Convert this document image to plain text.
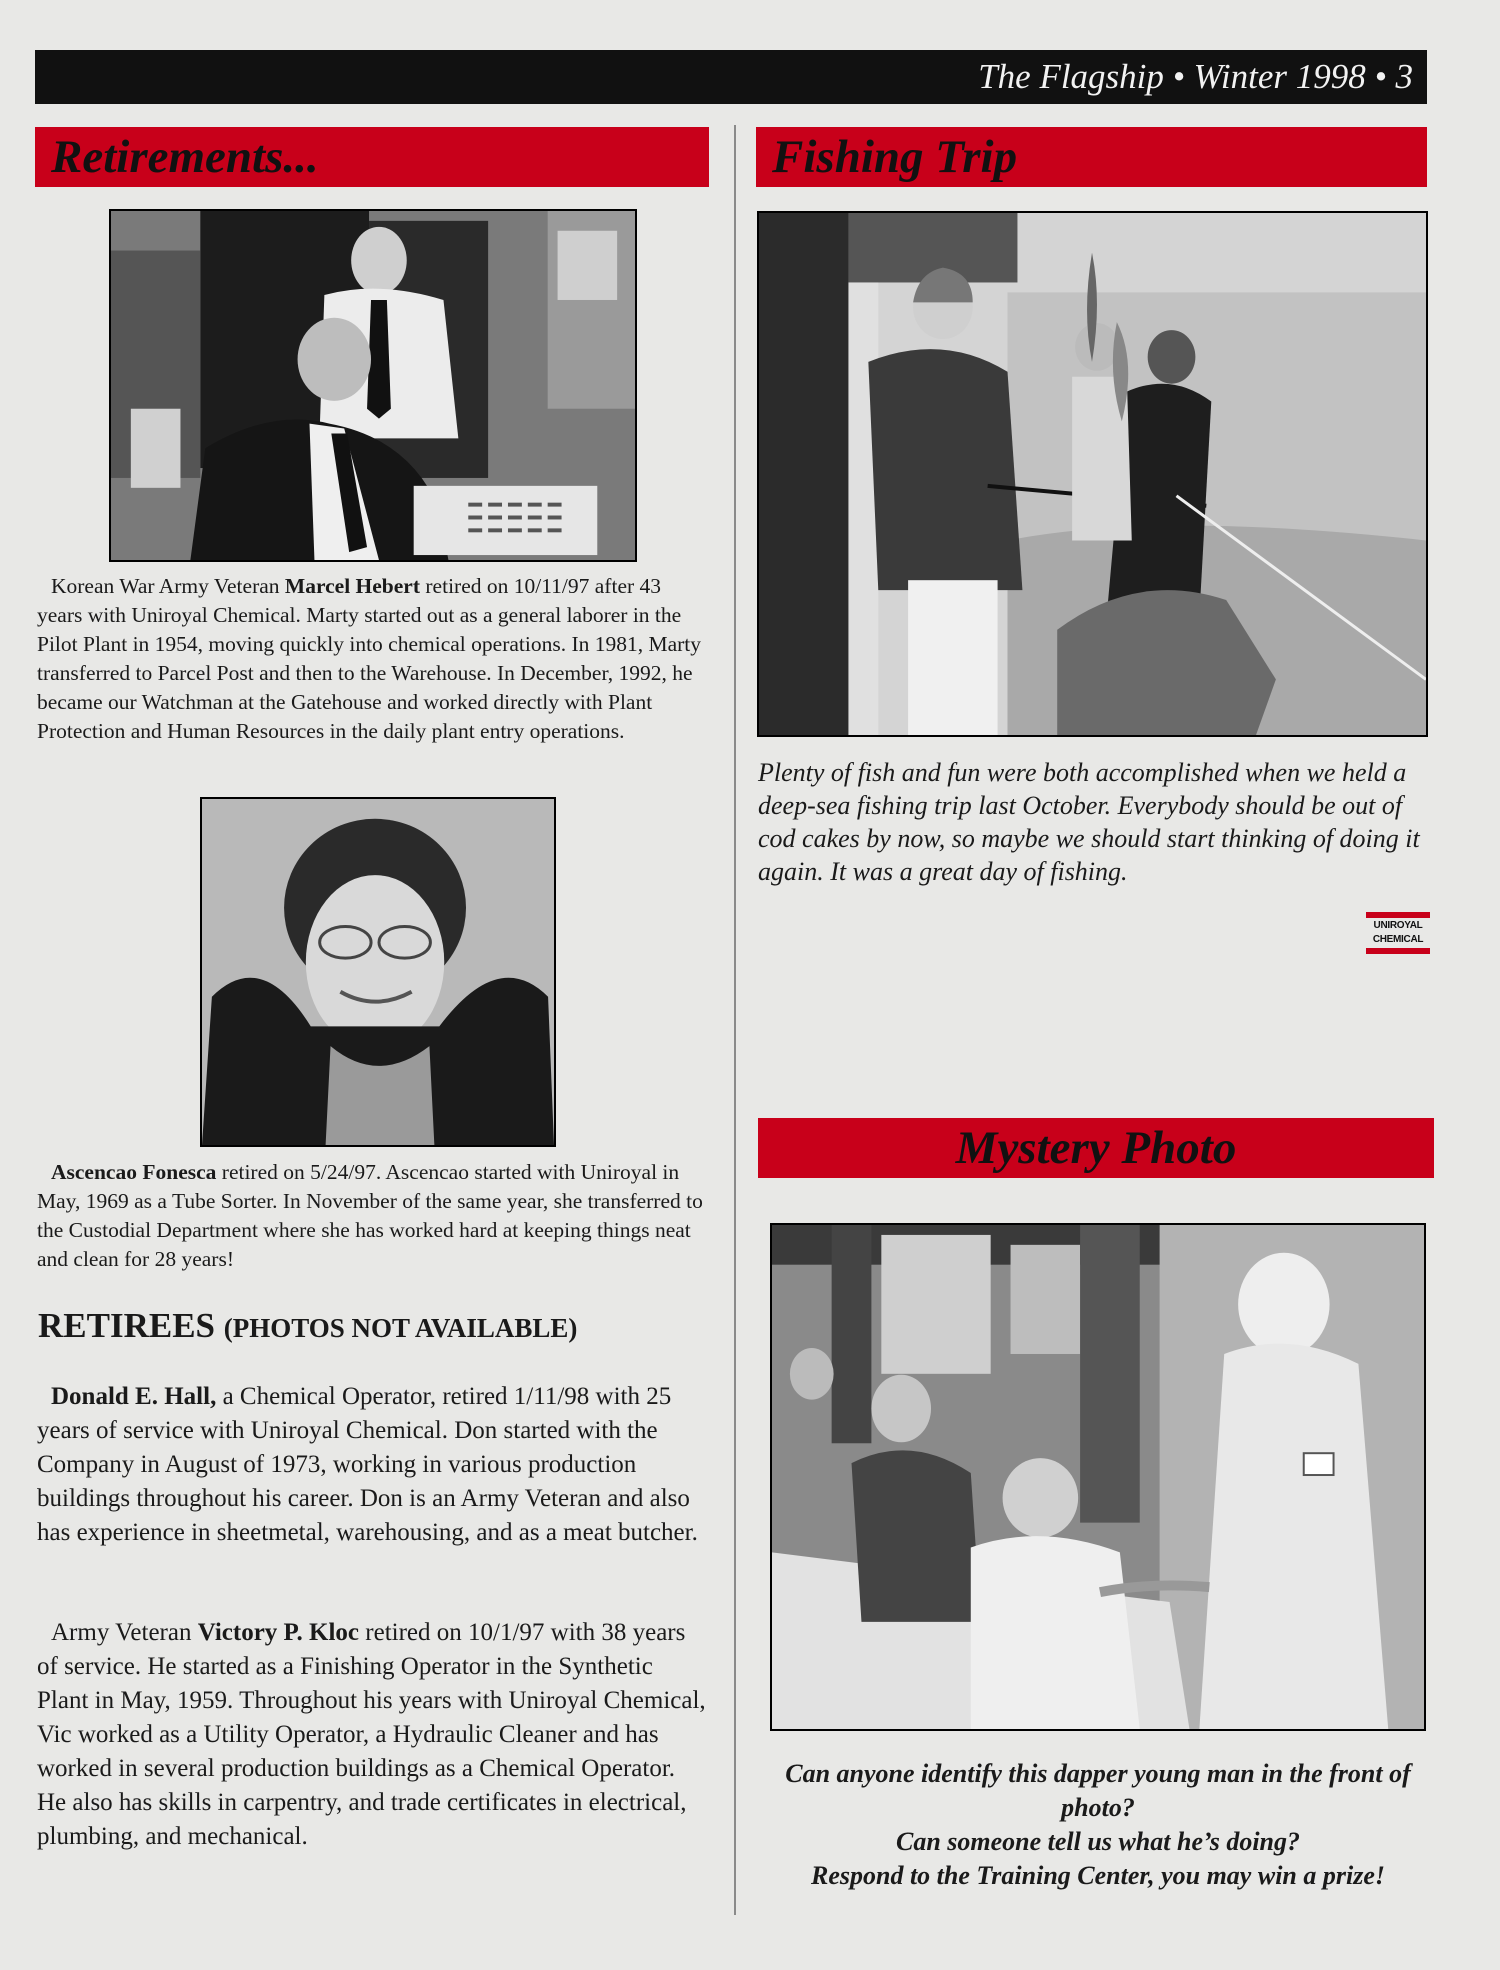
The Flagship • Winter 1998 • 3
Retirements...
Korean War Army Veteran Marcel Hebert retired on 10/11/97 after 43 years with Uniroyal Chemical. Marty started out as a general laborer in the Pilot Plant in 1954, moving quickly into chemical operations. In 1981, Marty transferred to Parcel Post and then to the Warehouse. In December, 1992, he became our Watchman at the Gatehouse and worked directly with Plant Protection and Human Resources in the daily plant entry operations.
Ascencao Fonesca retired on 5/24/97. Ascencao started with Uniroyal in May, 1969 as a Tube Sorter. In November of the same year, she transferred to the Custodial Department where she has worked hard at keeping things neat and clean for 28 years!
RETIREES (PHOTOS NOT AVAILABLE)
Donald E. Hall, a Chemical Operator, retired 1/11/98 with 25 years of service with Uniroyal Chemical. Don started with the Company in August of 1973, working in various production buildings throughout his career. Don is an Army Veteran and also has experience in sheetmetal, warehousing, and as a meat butcher.
Army Veteran Victory P. Kloc retired on 10/1/97 with 38 years of service. He started as a Finishing Operator in the Synthetic Plant in May, 1959. Throughout his years with Uniroyal Chemical, Vic worked as a Utility Operator, a Hydraulic Cleaner and has worked in several production buildings as a Chemical Operator. He also has skills in carpentry, and trade certificates in electrical, plumbing, and mechanical.
Fishing Trip
Plenty of fish and fun were both accomplished when we held a deep-sea fishing trip last October. Everybody should be out of cod cakes by now, so maybe we should start thinking of doing it again. It was a great day of fishing.
UNIROYAL
CHEMICAL
Mystery Photo
Can anyone identify this dapper young man in the front of photo?
Can someone tell us what he’s doing?
Respond to the Training Center, you may win a prize!
